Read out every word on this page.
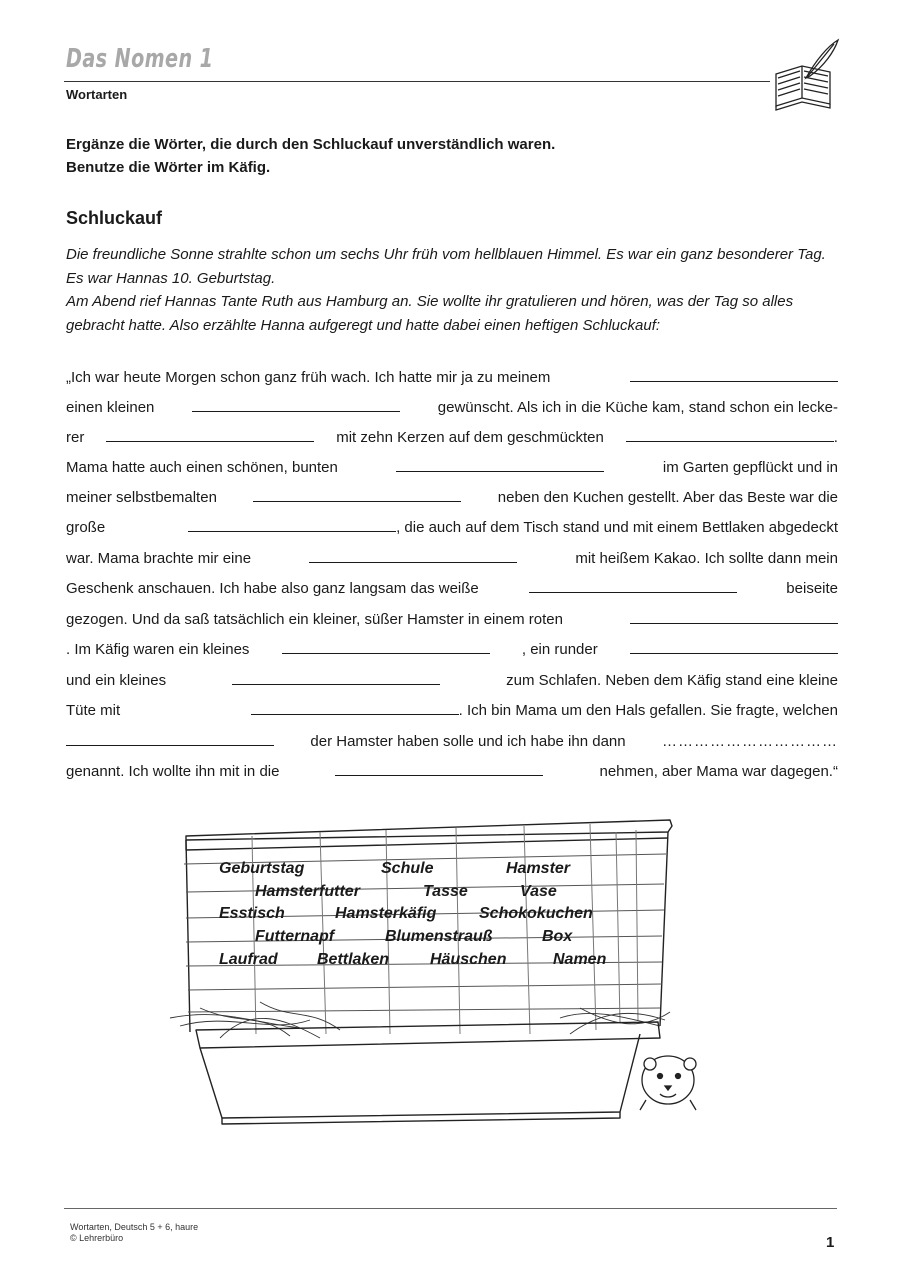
Das Nomen 1
Wortarten
Ergänze die Wörter, die durch den Schluckauf unverständlich waren.
Benutze die Wörter im Käfig.
Schluckauf

Die freundliche Sonne strahlte schon um sechs Uhr früh vom hellblauen Himmel. Es war ein ganz besonderer Tag. Es war Hannas 10. Geburtstag.

Am Abend rief Hannas Tante Ruth aus Hamburg an. Sie wollte ihr gratulieren und hören, was der Tag so alles gebracht hatte. Also erzählte Hanna aufgeregt und hatte dabei einen heftigen Schluckauf:

„Ich war heute Morgen schon ganz früh wach. Ich hatte mir ja zu meinem
einen kleinen	gewünscht. Als ich in die Küche kam, stand schon ein lecke-
rer	mit zehn Kerzen auf dem geschmückten	.
Mama hatte auch einen schönen, bunten	im Garten gepflückt und in
meiner selbstbemalten	neben den Kuchen gestellt. Aber das Beste war die
große	, die auch auf dem Tisch stand und mit einem Bettlaken abgedeckt
war. Mama brachte mir eine	mit heißem Kakao. Ich sollte dann mein
Geschenk anschauen. Ich habe also ganz langsam das weiße	beiseite
gezogen. Und da saß tatsächlich ein kleiner, süßer Hamster in einem roten
. Im Käfig waren ein kleines	, ein runder
und ein kleines	zum Schlafen. Neben dem Käfig stand eine kleine
Tüte mit	. Ich bin Mama um den Hals gefallen. Sie fragte, welchen
der Hamster haben solle und ich habe ihn dann ……………………………
genannt. Ich wollte ihn mit in die	nehmen, aber Mama war dagegen.“
Geburtstag	Schule	Hamster
Hamsterfutter	Tasse	Vase
Esstisch	Hamsterkäfig	Schokokuchen
Futternapf	Blumenstrauß	Box
Laufrad Bettlaken	Häuschen	Namen
Wortarten, Deutsch 5 + 6, haure
© Lehrerbüro	1
